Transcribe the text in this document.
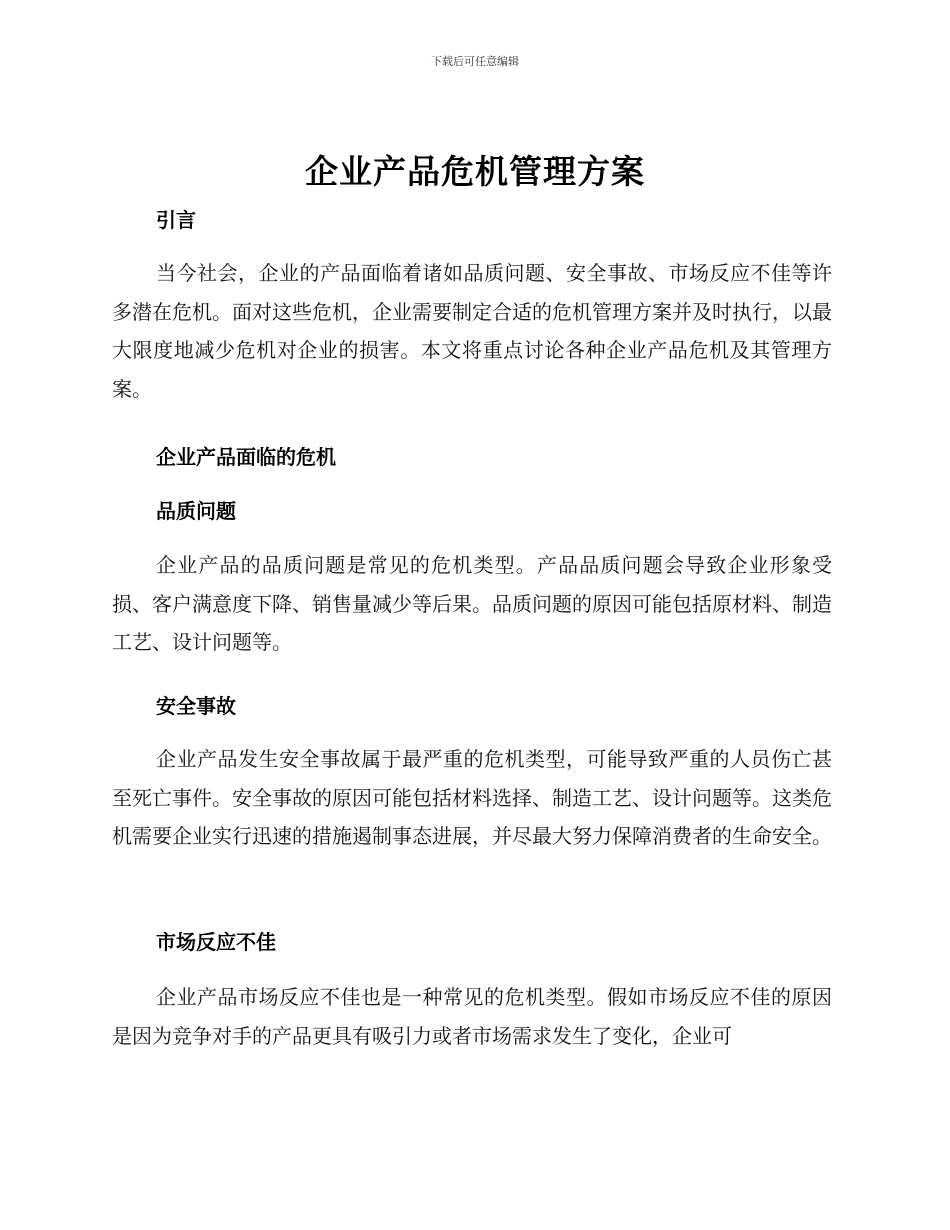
下载后可任意编辑
企业产品危机管理方案
引言
当今社会，企业的产品面临着诸如品质问题、安全事故、市场反应不佳等许多潜在危机。面对这些危机，企业需要制定合适的危机管理方案并及时执行，以最大限度地减少危机对企业的损害。本文将重点讨论各种企业产品危机及其管理方案。
企业产品面临的危机
品质问题
企业产品的品质问题是常见的危机类型。产品品质问题会导致企业形象受损、客户满意度下降、销售量减少等后果。品质问题的原因可能包括原材料、制造工艺、设计问题等。
安全事故
企业产品发生安全事故属于最严重的危机类型，可能导致严重的人员伤亡甚至死亡事件。安全事故的原因可能包括材料选择、制造工艺、设计问题等。这类危机需要企业实行迅速的措施遏制事态进展，并尽最大努力保障消费者的生命安全。
市场反应不佳
企业产品市场反应不佳也是一种常见的危机类型。假如市场反应不佳的原因是因为竞争对手的产品更具有吸引力或者市场需求发生了变化，企业可
